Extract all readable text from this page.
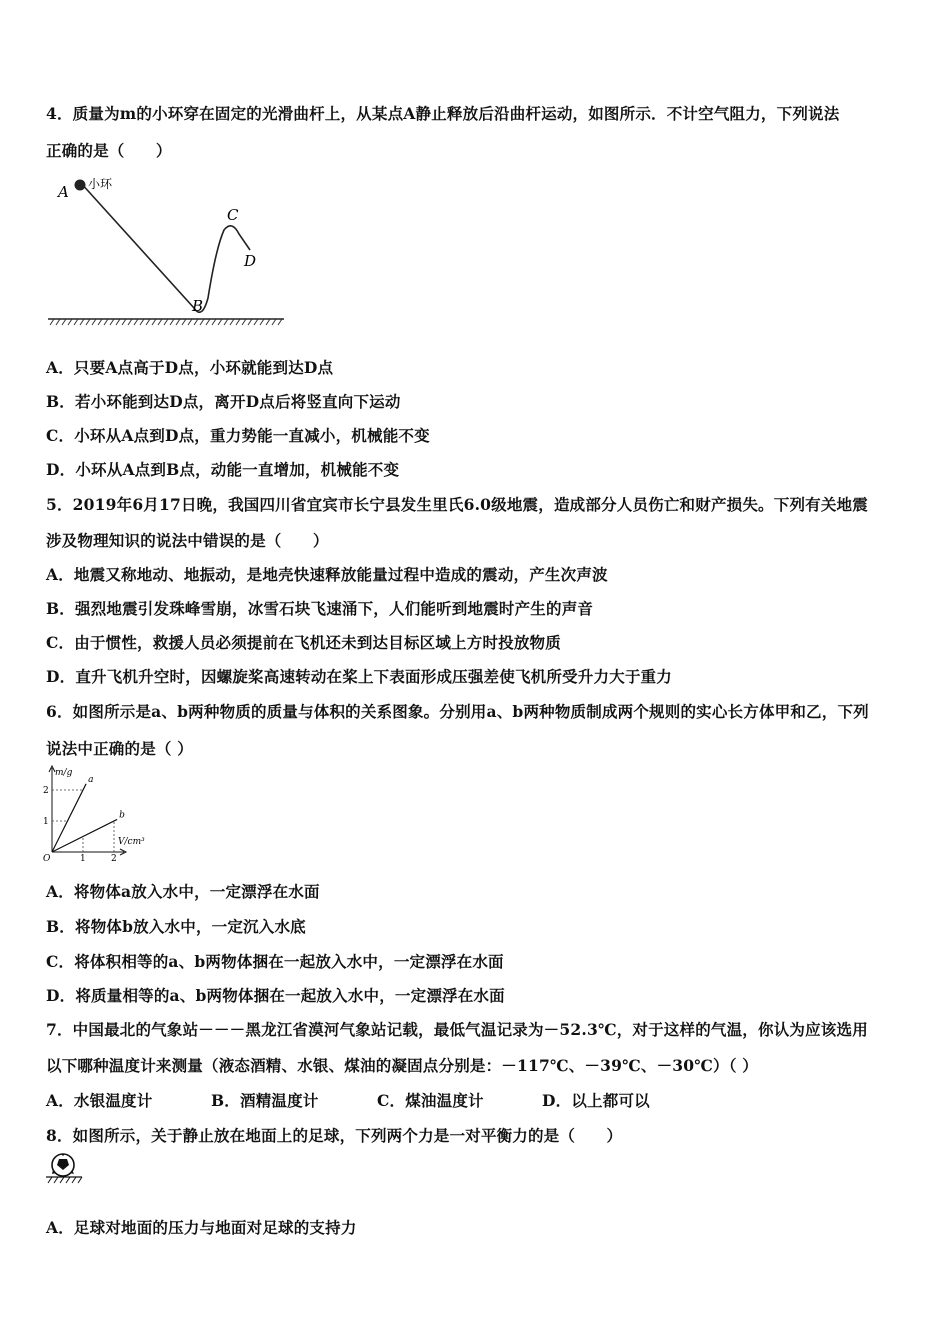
4．质量为m的小环穿在固定的光滑曲杆上，从某点A静止释放后沿曲杆运动，如图所示．不计空气阻力，下列说法
正确的是（　　）
A 小环
C
D
B
A．只要A点高于D点，小环就能到达D点
B．若小环能到达D点，离开D点后将竖直向下运动
C．小环从A点到D点，重力势能一直减小，机械能不变
D．小环从A点到B点，动能一直增加，机械能不变
5．2019年6月17日晚，我国四川省宜宾市长宁县发生里氏6.0级地震，造成部分人员伤亡和财产损失。下列有关地震
涉及物理知识的说法中错误的是（　　）
A．地震又称地动、地振动，是地壳快速释放能量过程中造成的震动，产生次声波
B．强烈地震引发珠峰雪崩，冰雪石块飞速涌下，人们能听到地震时产生的声音
C．由于惯性，救援人员必须提前在飞机还未到达目标区域上方时投放物质
D．直升飞机升空时，因螺旋桨高速转动在桨上下表面形成压强差使飞机所受升力大于重力
6．如图所示是a、b两种物质的质量与体积的关系图象。分别用a、b两种物质制成两个规则的实心长方体甲和乙，下列
说法中正确的是（ ）
1	2
1
2
a
b
m/g
V/cm³
O
A．将物体a放入水中，一定漂浮在水面
B．将物体b放入水中，一定沉入水底
C．将体积相等的a、b两物体捆在一起放入水中，一定漂浮在水面
D．将质量相等的a、b两物体捆在一起放入水中，一定漂浮在水面
7．中国最北的气象站－－－黑龙江省漠河气象站记载，最低气温记录为－52.3℃，对于这样的气温，你认为应该选用
以下哪种温度计来测量（液态酒精、水银、煤油的凝固点分别是：－117℃、－39℃、－30℃）（ ）
A．水银温度计	B．酒精温度计	C．煤油温度计	D．以上都可以
8．如图所示，关于静止放在地面上的足球，下列两个力是一对平衡力的是（　　）
A．足球对地面的压力与地面对足球的支持力
